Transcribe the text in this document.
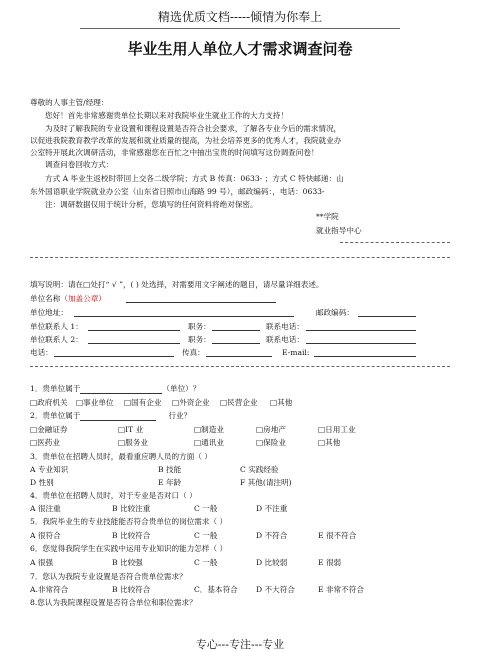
精选优质文档-----倾情为你奉上
毕业生用人单位人才需求调查问卷
尊敬的人事主管/经理：
您好！首先非常感谢贵单位长期以来对我院毕业生就业工作的大力支持！
为及时了解我院的专业设置和课程设置是否符合社会要求，了解各专业今后的需求情况，
以促进我院教育教学改革的发展和就业质量的提高，为社会培养更多的优秀人才，我院就业办
公室特开展此次调研活动，非常感谢您在百忙之中抽出宝贵的时间填写这份调查问卷！
调查问卷回收方式：
方式 A 毕业生返校时带回上交各二级学院；方式 B 传真：0633- ；方式 C 特快邮递：山
东外国语职业学院就业办公室（山东省日照市山海路 99 号），邮政编码：，电话：0633-
注：调研数据仅用于统计分析，您填写的任何资料将绝对保密。
**学院
就业指导中心
填写说明：请在□处打“ √ ”，( ) 处选择，对需要用文字阐述的题目，请尽量详细表述。
单位名称（加盖公章）
单位地址：	邮政编码：
单位联系人 1：	职务：	联系电话：
单位联系人 2：	职务：	联系电话：
电话：	传真：	E-mail:
1．贵单位属于	（单位）？
□政府机关 □事业单位 □国有企业 □外资企业 □民营企业 □其他
2．贵单位属于	行业？
□金融证券	□IT 业	□制造业	□房地产	□日用工业
□医药业	□服务业	□通讯业	□保险业	□其他
3．贵单位在招聘人员时，最看重应聘人员的方面（ ）
A 专业知识	B 技能	C 实践经验
D 性别	E 年龄	F 其他(请注明)
4．贵单位在招聘人员时，对于专业是否对口（ ）
A 很注重	B 比较注重	C 一般	D 不注重
5．我院毕业生的专业技能能否符合贵单位的岗位需求（ ）
A 很符合	B 比较符合	C 一般	D 不符合	E 很不符合
6．您觉得我院学生在实践中运用专业知识的能力怎样（ ）
A 很强	B 比较强	C 一般	D 比较弱	E 很弱
7．您认为我院专业设置是否符合贵单位需求？
A.非常符合	B 比较符合	C．基本符合 D 不大符合	E 非常不符合
8.您认为我院课程设置是否符合单位和职位需求？
专心---专注---专业
